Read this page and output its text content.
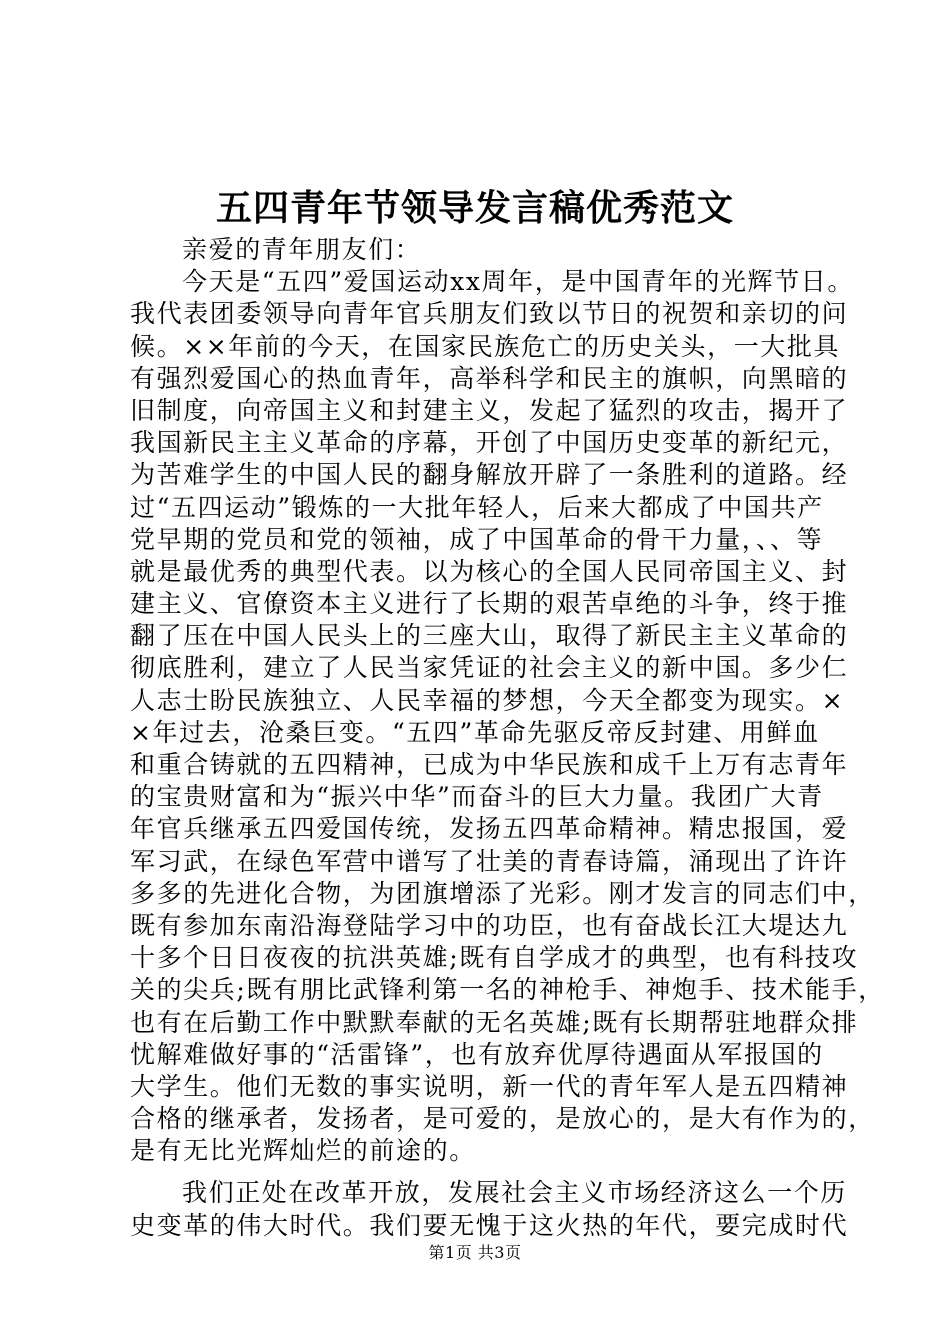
五四青年节领导发言稿优秀范文
亲爱的青年朋友们：
今天是“五四”爱国运动xx周年，是中国青年的光辉节日。
我代表团委领导向青年官兵朋友们致以节日的祝贺和亲切的问
候。××年前的今天，在国家民族危亡的历史关头，一大批具
有强烈爱国心的热血青年，高举科学和民主的旗帜，向黑暗的
旧制度，向帝国主义和封建主义，发起了猛烈的攻击，揭开了
我国新民主主义革命的序幕，开创了中国历史变革的新纪元，
为苦难学生的中国人民的翻身解放开辟了一条胜利的道路。经
过“五四运动”锻炼的一大批年轻人，后来大都成了中国共产
党早期的党员和党的领袖，成了中国革命的骨干力量，、、等
就是最优秀的典型代表。以为核心的全国人民同帝国主义、封
建主义、官僚资本主义进行了长期的艰苦卓绝的斗争，终于推
翻了压在中国人民头上的三座大山，取得了新民主主义革命的
彻底胜利，建立了人民当家凭证的社会主义的新中国。多少仁
人志士盼民族独立、人民幸福的梦想，今天全都变为现实。×
×年过去，沧桑巨变。“五四”革命先驱反帝反封建、用鲜血
和重合铸就的五四精神，已成为中华民族和成千上万有志青年
的宝贵财富和为“振兴中华”而奋斗的巨大力量。我团广大青
年官兵继承五四爱国传统，发扬五四革命精神。精忠报国，爱
军习武，在绿色军营中谱写了壮美的青春诗篇，涌现出了许许
多多的先进化合物，为团旗增添了光彩。刚才发言的同志们中，
既有参加东南沿海登陆学习中的功臣，也有奋战长江大堤达九
十多个日日夜夜的抗洪英雄;既有自学成才的典型，也有科技攻
关的尖兵;既有朋比武锋利第一名的神枪手、神炮手、技术能手，
也有在后勤工作中默默奉献的无名英雄;既有长期帮驻地群众排
忧解难做好事的“活雷锋”，也有放弃优厚待遇面从军报国的
大学生。他们无数的事实说明，新一代的青年军人是五四精神
合格的继承者，发扬者，是可爱的，是放心的，是大有作为的，
是有无比光辉灿烂的前途的。
我们正处在改革开放，发展社会主义市场经济这么一个历
史变革的伟大时代。我们要无愧于这火热的年代，要完成时代
第1页 共3页
